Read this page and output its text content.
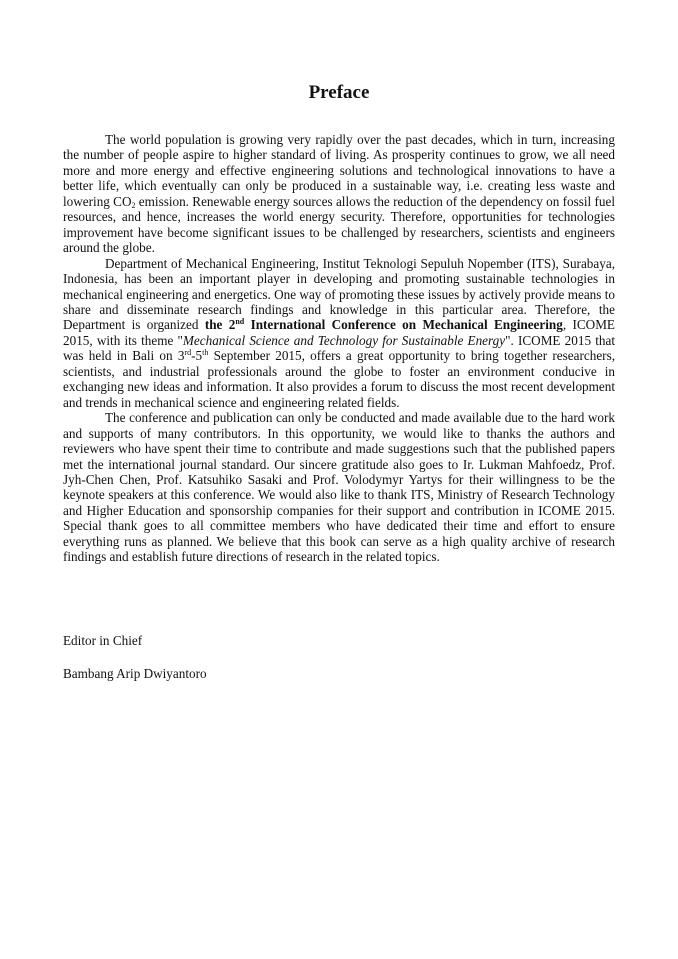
Preface

The world population is growing very rapidly over the past decades, which in turn, increasing the number of people aspire to higher standard of living. As prosperity continues to grow, we all need more and more energy and effective engineering solutions and technological innovations to have a better life, which eventually can only be produced in a sustainable way, i.e. creating less waste and lowering $CO_2$ emission. Renewable energy sources allows the reduction of the dependency on fossil fuel resources, and hence, increases the world energy security. Therefore, opportunities for technologies improvement have become significant issues to be challenged by researchers, scientists and engineers around the globe.

Department of Mechanical Engineering, Institut Teknologi Sepuluh Nopember (ITS), Surabaya, Indonesia, has been an important player in developing and promoting sustainable technologies in mechanical engineering and energetics. One way of promoting these issues by actively provide means to share and disseminate research findings and knowledge in this particular area. Therefore, the Department is organized the 2nd International Conference on Mechanical Engineering, ICOME 2015, with its theme "Mechanical Science and Technology for Sustainable Energy". ICOME 2015 that was held in Bali on 3rd-5th September 2015, offers a great opportunity to bring together researchers, scientists, and industrial professionals around the globe to foster an environment conducive in exchanging new ideas and information. It also provides a forum to discuss the most recent development and trends in mechanical science and engineering related fields.

The conference and publication can only be conducted and made available due to the hard work and supports of many contributors. In this opportunity, we would like to thanks the authors and reviewers who have spent their time to contribute and made suggestions such that the published papers met the international journal standard. Our sincere gratitude also goes to Ir. Lukman Mahfoedz, Prof. Jyh-Chen Chen, Prof. Katsuhiko Sasaki and Prof. Volodymyr Yartys for their willingness to be the keynote speakers at this conference. We would also like to thank ITS, Ministry of Research Technology and Higher Education and sponsorship companies for their support and contribution in ICOME 2015. Special thank goes to all committee members who have dedicated their time and effort to ensure everything runs as planned. We believe that this book can serve as a high quality archive of research findings and establish future directions of research in the related topics.

Editor in Chief

Bambang Arip Dwiyantoro
